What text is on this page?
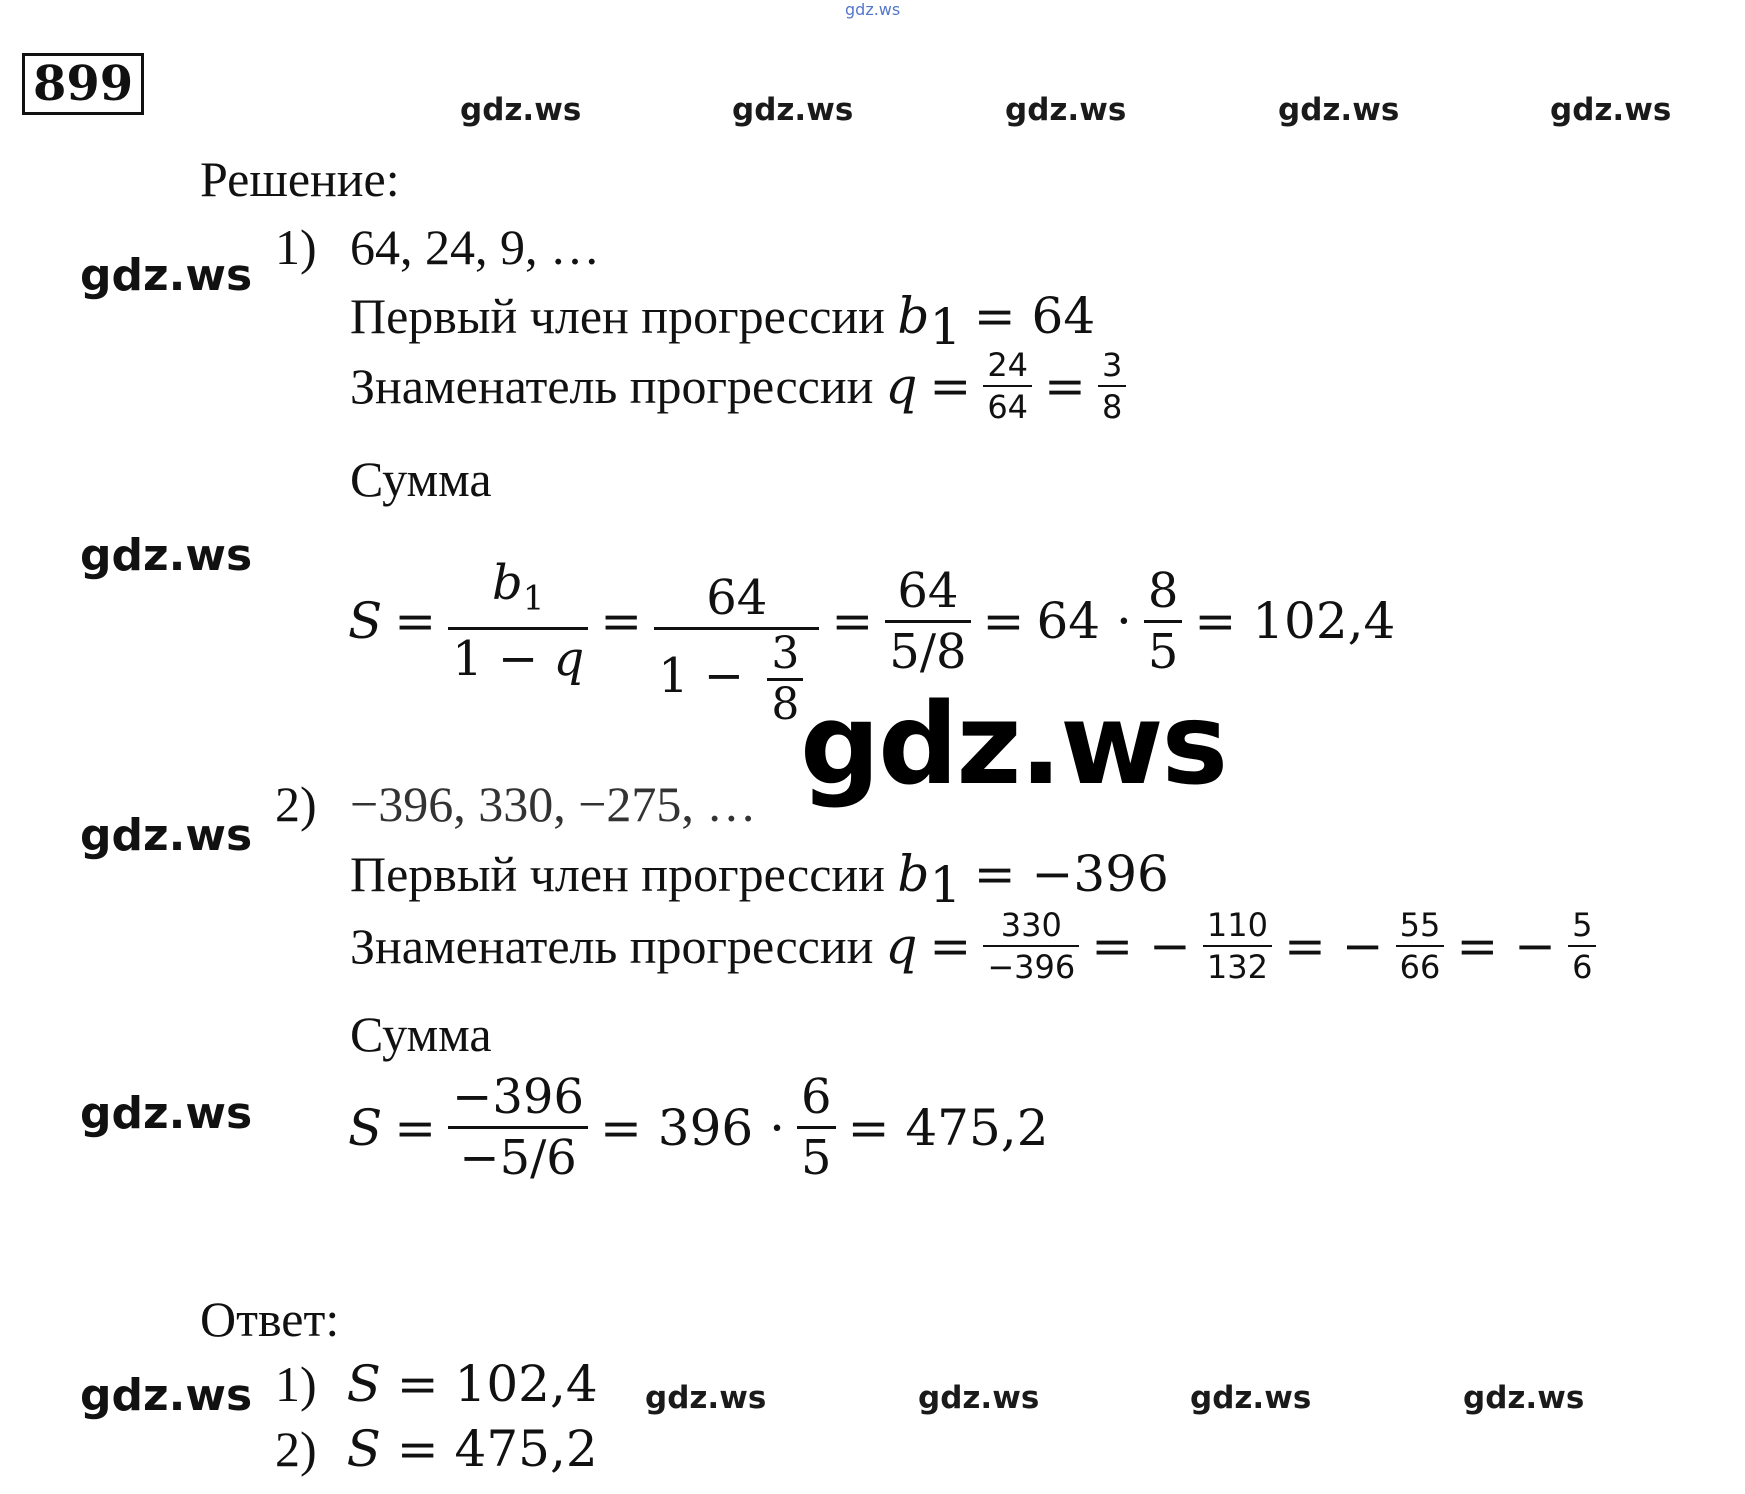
gdz.ws
gdz.ws	gdz.ws	gdz.ws	gdz.ws	gdz.ws
gdz.ws
gdz.ws
gdz.ws
gdz.ws
gdz.ws	gdz.ws	gdz.ws	gdz.ws	gdz.ws
899
Решение:
1) 64, 24, 9, …
Первый член прогрессии $b_1 = 64$
Знаменатель прогрессии $q = \frac{24}{64} = \frac{3}{8}$
Сумма
$S = \frac{b_1}{1 - q} = \frac{64}{1 - \frac{3}{8}} = \frac{64}{5/8} = 64 \cdot \frac{8}{5} = 102,4$
gdz.ws
2) −396, 330, −275, …
Первый член прогрессии $b_1 = -396$
Знаменатель прогрессии $q = \frac{330}{-396}$ = − $\frac{110}{132}$ = − $\frac{55}{66}$ = − $\frac{5}{6}$
Сумма
$S = \frac{-396}{-5/6} = 396 \cdot \frac{6}{5} = 475,2$
Ответ:
1) S = 102,4
2) S = 475,2
